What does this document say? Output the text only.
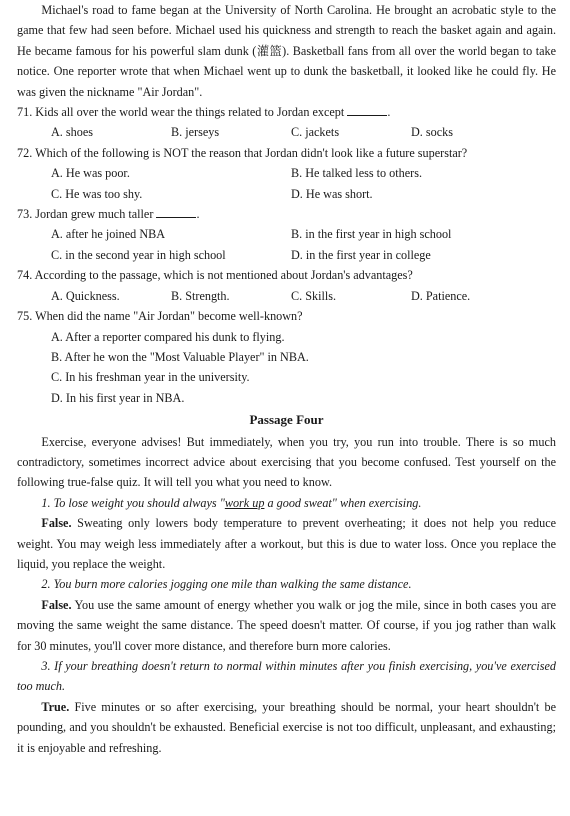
Michael's road to fame began at the University of North Carolina. He brought an acrobatic style to the game that few had seen before. Michael used his quickness and strength to reach the basket again and again. He became famous for his powerful slam dunk (灌篮). Basketball fans from all over the world began to take notice. One reporter wrote that when Michael went up to dunk the basketball, it looked like he could fly. He was given the nickname "Air Jordan".

71. Kids all over the world wear the things related to Jordan except	.
A. shoes	B. jerseys	C. jackets	D. socks
72. Which of the following is NOT the reason that Jordan didn't look like a future superstar?
A. He was poor.	B. He talked less to others.
C. He was too shy.	D. He was short.
73. Jordan grew much taller	.
A. after he joined NBA	B. in the first year in high school
C. in the second year in high school	D. in the first year in college
74. According to the passage, which is not mentioned about Jordan's advantages?
A. Quickness.	B. Strength.	C. Skills.	D. Patience.
75. When did the name "Air Jordan" become well-known?
A. After a reporter compared his dunk to flying.
B. After he won the "Most Valuable Player" in NBA.
C. In his freshman year in the university.
D. In his first year in NBA.
Passage Four

Exercise, everyone advises! But immediately, when you try, you run into trouble. There is so much contradictory, sometimes incorrect advice about exercising that you become confused. Test yourself on the following true-false quiz. It will tell you what you need to know.

1. To lose weight you should always "work up a good sweat" when exercising.

False. Sweating only lowers body temperature to prevent overheating; it does not help you reduce weight. You may weigh less immediately after a workout, but this is due to water loss. Once you replace the liquid, you replace the weight.

2. You burn more calories jogging one mile than walking the same distance.

False. You use the same amount of energy whether you walk or jog the mile, since in both cases you are moving the same weight the same distance. The speed doesn't matter. Of course, if you jog rather than walk for 30 minutes, you'll cover more distance, and therefore burn more calories.

3. If your breathing doesn't return to normal within minutes after you finish exercising, you've exercised too much.

True. Five minutes or so after exercising, your breathing should be normal, your heart shouldn't be pounding, and you shouldn't be exhausted. Beneficial exercise is not too difficult, unpleasant, and exhausting; it is enjoyable and refreshing.
